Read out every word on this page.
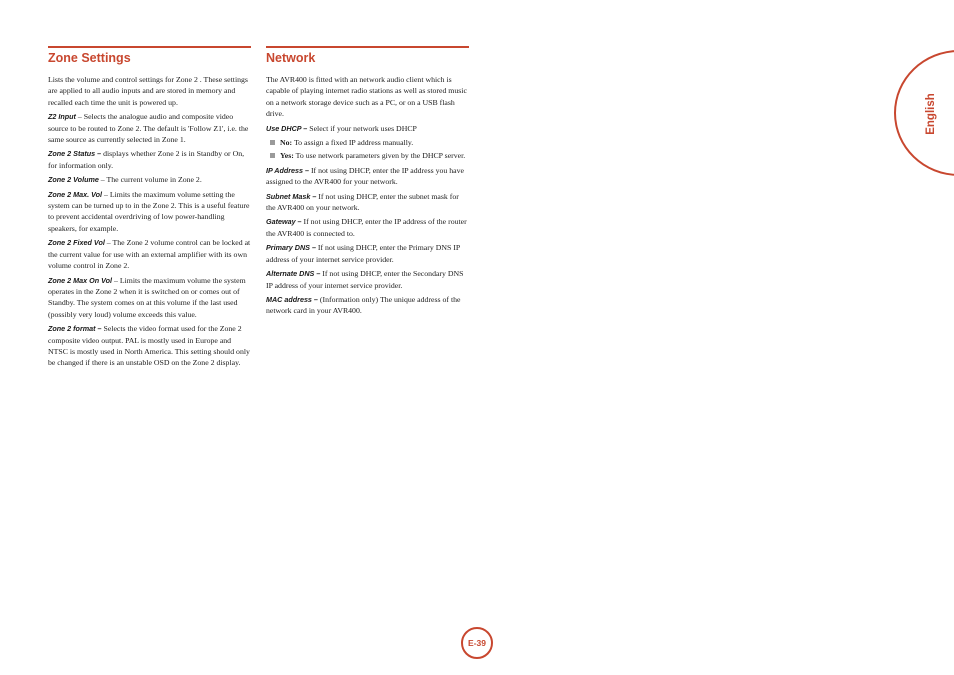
Zone Settings

Lists the volume and control settings for Zone 2 . These settings are applied to all audio inputs and are stored in memory and recalled each time the unit is powered up.

Z2 Input – Selects the analogue audio and composite video source to be routed to Zone 2. The default is 'Follow Z1', i.e. the same source as currently selected in Zone 1.

Zone 2 Status – displays whether Zone 2 is in Standby or On, for information only.

Zone 2 Volume – The current volume in Zone 2.

Zone 2 Max. Vol – Limits the maximum volume setting the system can be turned up to in the Zone 2. This is a useful feature to prevent accidental overdriving of low power-handling speakers, for example.

Zone 2 Fixed Vol – The Zone 2 volume control can be locked at the current value for use with an external amplifier with its own volume control in Zone 2.

Zone 2 Max On Vol – Limits the maximum volume the system operates in the Zone 2 when it is switched on or comes out of Standby. The system comes on at this volume if the last used (possibly very loud) volume exceeds this value.

Zone 2 format – Selects the video format used for the Zone 2 composite video output. PAL is mostly used in Europe and NTSC is mostly used in North America. This setting should only be changed if there is an unstable OSD on the Zone 2 display.

Network

The AVR400 is fitted with an network audio client which is capable of playing internet radio stations as well as stored music on a network storage device such as a PC, or on a USB flash drive.

Use DHCP – Select if your network uses DHCP

No: To assign a fixed IP address manually.
Yes: To use network parameters given by the DHCP server.

IP Address – If not using DHCP, enter the IP address you have assigned to the AVR400 for your network.

Subnet Mask – If not using DHCP, enter the subnet mask for the AVR400 on your network.

Gateway – If not using DHCP, enter the IP address of the router the AVR400 is connected to.

Primary DNS – If not using DHCP, enter the Primary DNS IP address of your internet service provider.

Alternate DNS – If not using DHCP, enter the Secondary DNS IP address of your internet service provider.

MAC address – (Information only) The unique address of the network card in your AVR400.

English
E-39
